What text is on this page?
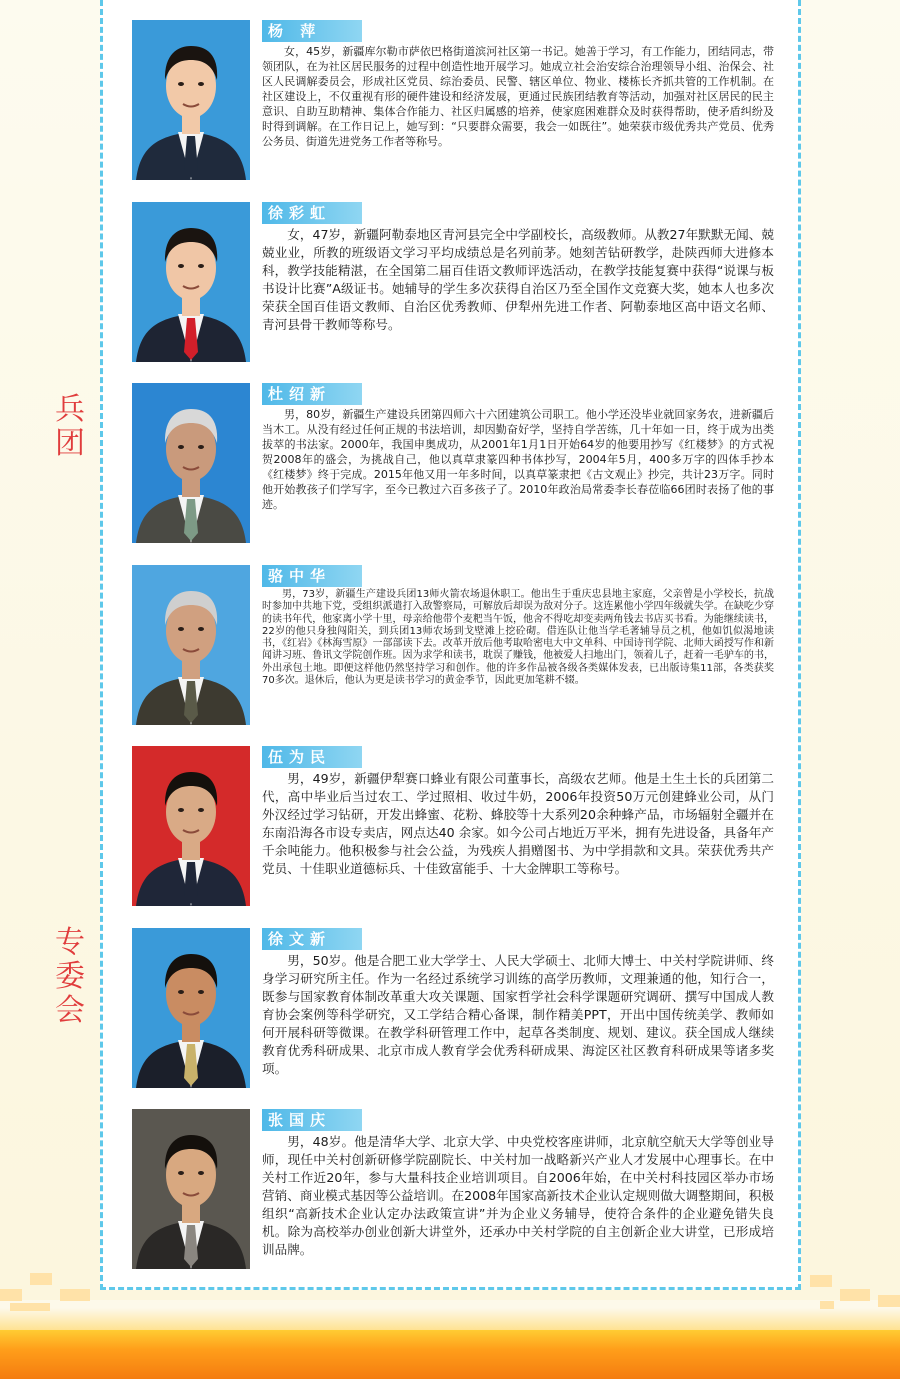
兵团
专委会
杨 萍

女，45岁，新疆库尔勒市萨依巴格街道滨河社区第一书记。她善于学习，有工作能力，团结同志，带领团队，在为社区居民服务的过程中创造性地开展学习。她成立社会治安综合治理领导小组、治保会、社区人民调解委员会，形成社区党员、综治委员、民警、辖区单位、物业、楼栋长齐抓共管的工作机制。在社区建设上，不仅重视有形的硬件建设和经济发展，更通过民族团结教育等活动，加强对社区居民的民主意识、自助互助精神、集体合作能力、社区归属感的培养，使家庭困难群众及时获得帮助，使矛盾纠纷及时得到调解。在工作日记上，她写到：“只要群众需要，我会一如既往”。她荣获市级优秀共产党员、优秀公务员、街道先进党务工作者等称号。

徐彩虹

女，47岁，新疆阿勒泰地区青河县完全中学副校长，高级教师。从教27年默默无闻、兢兢业业，所教的班级语文学习平均成绩总是名列前茅。她刻苦钻研教学，赴陕西师大进修本科，教学技能精湛，在全国第二届百佳语文教师评选活动，在教学技能复赛中获得“说课与板书设计比赛”A级证书。她辅导的学生多次获得自治区乃至全国作文竞赛大奖，她本人也多次荣获全国百佳语文教师、自治区优秀教师、伊犁州先进工作者、阿勒泰地区高中语文名师、青河县骨干教师等称号。

杜绍新

男，80岁，新疆生产建设兵团第四师六十六团建筑公司职工。他小学还没毕业就回家务农，进新疆后当木工。从没有经过任何正规的书法培训，却因勤奋好学，坚持自学苦练，几十年如一日，终于成为出类拔萃的书法家。2000年，我国申奥成功，从2001年1月1日开始64岁的他要用抄写《红楼梦》的方式祝贺2008年的盛会，为挑战自己，他以真草隶篆四种书体抄写，2004年5月，400多万字的四体手抄本《红楼梦》终于完成。2015年他又用一年多时间，以真草篆隶把《古文观止》抄完，共计23万字。同时他开始教孩子们学写字，至今已教过六百多孩子了。2010年政治局常委李长春莅临66团时表扬了他的事迹。

骆中华

男，73岁，新疆生产建设兵团13师火箭农场退休职工。他出生于重庆忠县地主家庭，父亲曾是小学校长，抗战时参加中共地下党，受组织派遣打入敌警察局，可解放后却误为敌对分子。这连累他小学四年级就失学。在缺吃少穿的读书年代，他家离小学十里，母亲给他带个麦粑当午饭，他舍不得吃却变卖两角钱去书店买书看。为能继续读书，22岁的他只身独闯阳关，到兵团13师农场到戈壁滩上挖砼砌。借连队让他当学毛著辅导员之机，他如饥似渴地读书，《红岩》《林海雪原》一部部读下去。改革开放后他考取哈密电大中文单科、中国诗刊学院、北师大函授写作和新闻讲习班、鲁讯文学院创作班。因为求学和读书，耽误了赚钱，他被爱人扫地出门，领着儿子，赶着一毛驴车的书，外出承包土地。即便这样他仍然坚持学习和创作。他的许多作品被各级各类媒体发表，已出版诗集11部，各类获奖70多次。退休后，他认为更是读书学习的黄金季节，因此更加笔耕不辍。

伍为民

男，49岁，新疆伊犁赛口蜂业有限公司董事长，高级农艺师。他是土生土长的兵团第二代，高中毕业后当过农工、学过照相、收过牛奶，2006年投资50万元创建蜂业公司，从门外汉经过学习钻研，开发出蜂蜜、花粉、蜂胶等十大系列20余种蜂产品，市场辐射全疆并在东南沿海各市设专卖店，网点达40 余家。如今公司占地近万平米，拥有先进设备，具备年产千余吨能力。他积极参与社会公益，为残疾人捐赠图书、为中学捐款和文具。荣获优秀共产党员、十佳职业道德标兵、十佳致富能手、十大金牌职工等称号。

徐文新

男，50岁。他是合肥工业大学学士、人民大学硕士、北师大博士、中关村学院讲师、终身学习研究所主任。作为一名经过系统学习训练的高学历教师，文理兼通的他，知行合一，既参与国家教育体制改革重大攻关课题、国家哲学社会科学课题研究调研、撰写中国成人教育协会案例等科学研究，又工学结合精心备课，制作精美PPT，开出中国传统美学、教师如何开展科研等微课。在教学科研管理工作中，起草各类制度、规划、建议。获全国成人继续教育优秀科研成果、北京市成人教育学会优秀科研成果、海淀区社区教育科研成果等诸多奖项。

张国庆

男，48岁。他是清华大学、北京大学、中央党校客座讲师，北京航空航天大学等创业导师，现任中关村创新研修学院副院长、中关村加一战略新兴产业人才发展中心理事长。在中关村工作近20年，参与大量科技企业培训项目。自2006年始，在中关村科技园区举办市场营销、商业模式基因等公益培训。在2008年国家高新技术企业认定规则做大调整期间，积极组织“高新技术企业认定办法政策宣讲”并为企业义务辅导，使符合条件的企业避免错失良机。除为高校举办创业创新大讲堂外，还承办中关村学院的自主创新企业大讲堂，已形成培训品牌。
